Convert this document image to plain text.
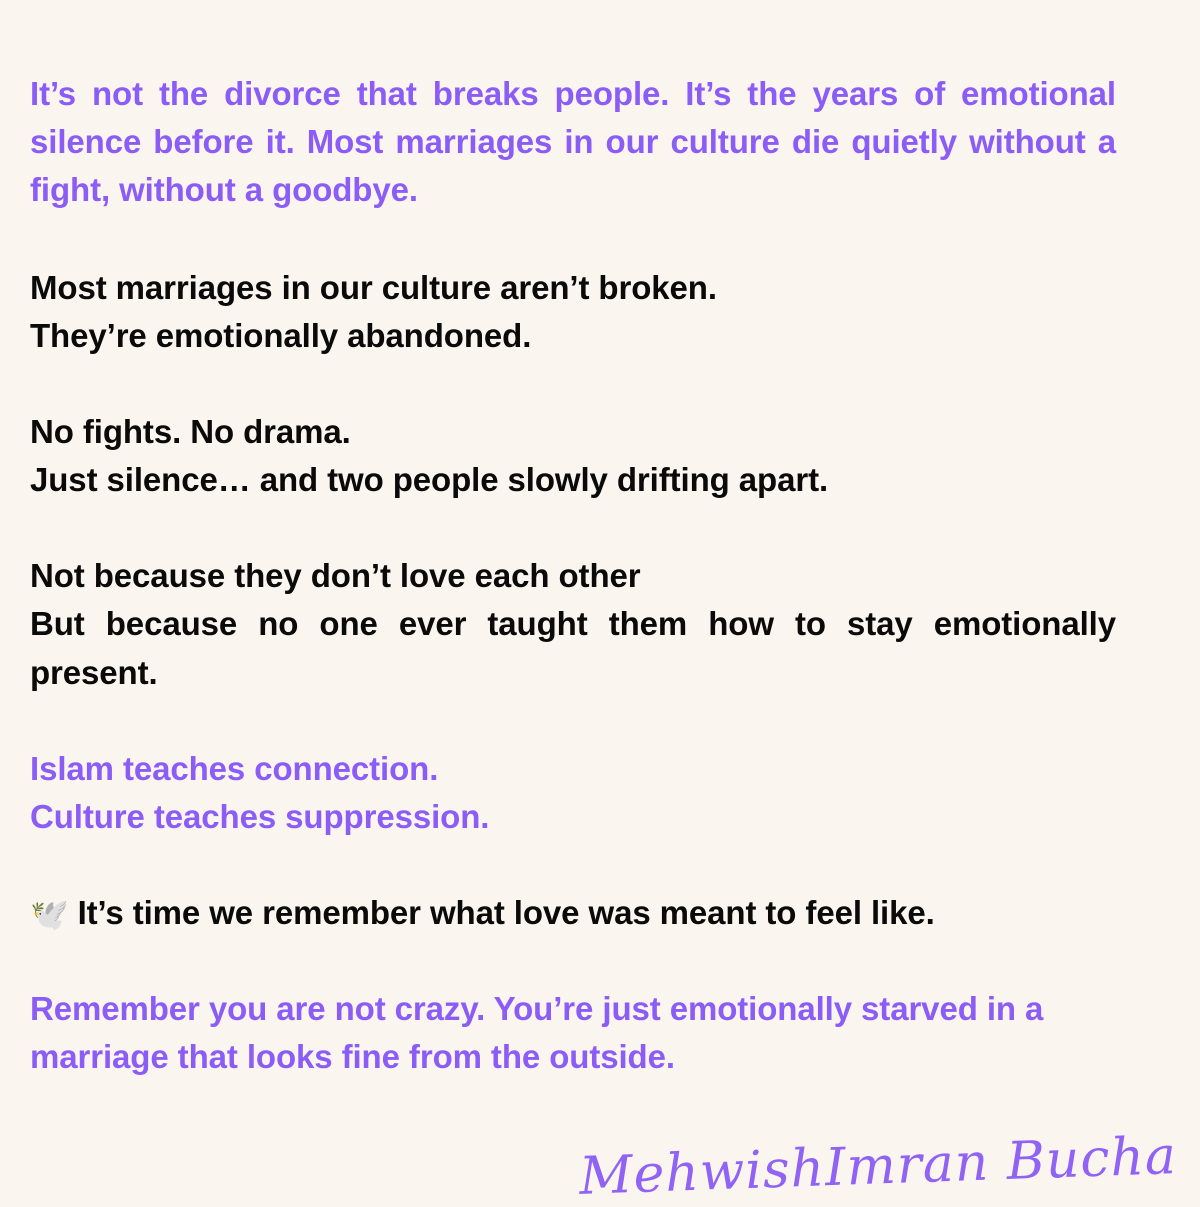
It’s not the divorce that breaks people. It’s the years of emotional silence before it. Most marriages in our culture die quietly without a fight, without a goodbye.

Most marriages in our culture aren’t broken.
They’re emotionally abandoned.

No fights. No drama.
Just silence… and two people slowly drifting apart.

Not because they don’t love each other
But because no one ever taught them how to stay emotionally present.

Islam teaches connection.
Culture teaches suppression.

🕊️ It’s time we remember what love was meant to feel like.

Remember you are not crazy. You’re just emotionally starved in a marriage that looks fine from the outside.

MehwishImran Bucha
